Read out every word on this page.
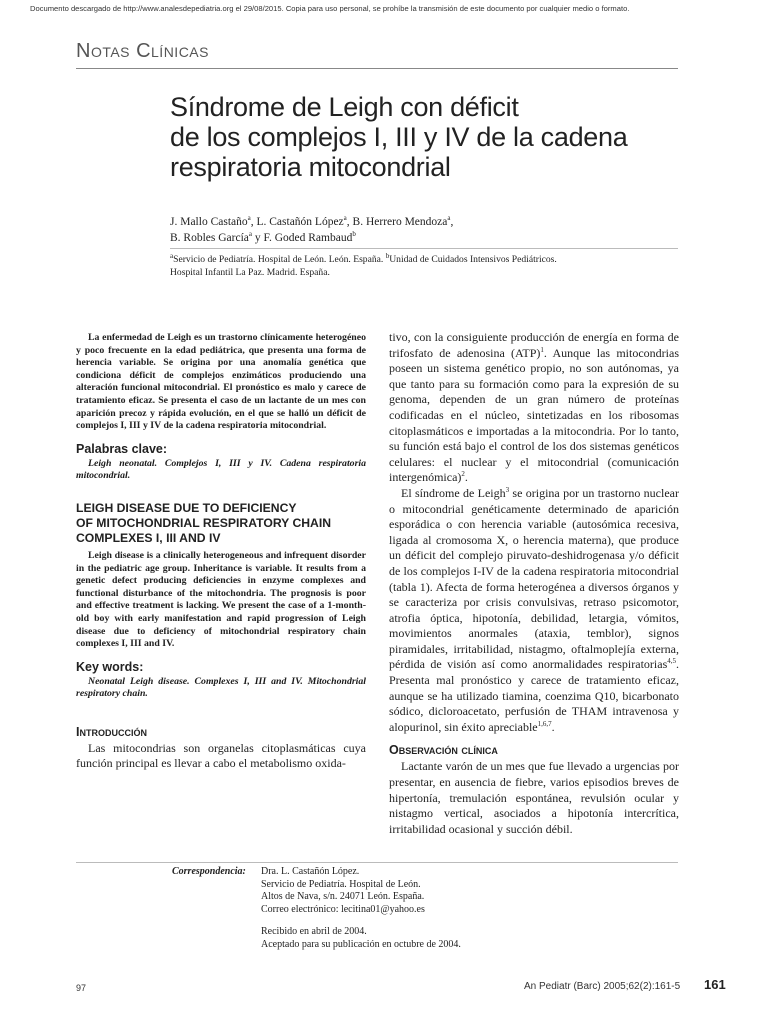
Documento descargado de http://www.analesdepediatria.org el 29/08/2015. Copia para uso personal, se prohíbe la transmisión de este documento por cualquier medio o formato.
Notas Clínicas
Síndrome de Leigh con déficit
de los complejos I, III y IV de la cadena
respiratoria mitocondrial
J. Mallo Castaño$^a$, L. Castañón López$^a$, B. Herrero Mendoza$^a$,
B. Robles García$^a$ y F. Goded Rambaud$^b$
$^a$Servicio de Pediatría. Hospital de León. León. España. $^b$Unidad de Cuidados Intensivos Pediátricos.
Hospital Infantil La Paz. Madrid. España.

La enfermedad de Leigh es un trastorno clínicamente heterogéneo y poco frecuente en la edad pediátrica, que presenta una forma de herencia variable. Se origina por una anomalía genética que condiciona déficit de complejos enzimáticos produciendo una alteración funcional mitocondrial. El pronóstico es malo y carece de tratamiento eficaz. Se presenta el caso de un lactante de un mes con aparición precoz y rápida evolución, en el que se halló un déficit de complejos I, III y IV de la cadena respiratoria mitocondrial.

Palabras clave:

Leigh neonatal. Complejos I, III y IV. Cadena respiratoria mitocondrial.

LEIGH DISEASE DUE TO DEFICIENCY
OF MITOCHONDRIAL RESPIRATORY CHAIN
COMPLEXES I, III AND IV

Leigh disease is a clinically heterogeneous and infrequent disorder in the pediatric age group. Inheritance is variable. It results from a genetic defect producing deficiencies in enzyme complexes and functional disturbance of the mitochondria. The prognosis is poor and effective treatment is lacking. We present the case of a 1-month-old boy with early manifestation and rapid progression of Leigh disease due to deficiency of mitochondrial respiratory chain complexes I, III and IV.

Key words:

Neonatal Leigh disease. Complexes I, III and IV. Mitochondrial respiratory chain.

Introducción

Las mitocondrias son organelas citoplasmáticas cuya función principal es llevar a cabo el metabolismo oxida-

tivo, con la consiguiente producción de energía en forma de trifosfato de adenosina (ATP)$^1$. Aunque las mitocondrias poseen un sistema genético propio, no son autónomas, ya que tanto para su formación como para la expresión de su genoma, dependen de un gran número de proteínas codificadas en el núcleo, sintetizadas en los ribosomas citoplasmáticos e importadas a la mitocondria. Por lo tanto, su función está bajo el control de los dos sistemas genéticos celulares: el nuclear y el mitocondrial (comunicación intergenómica)$^2$.

El síndrome de Leigh$^3$ se origina por un trastorno nuclear o mitocondrial genéticamente determinado de aparición esporádica o con herencia variable (autosómica recesiva, ligada al cromosoma X, o herencia materna), que produce un déficit del complejo piruvato-deshidrogenasa y/o déficit de los complejos I-IV de la cadena respiratoria mitocondrial (tabla 1). Afecta de forma heterogénea a diversos órganos y se caracteriza por crisis convulsivas, retraso psicomotor, atrofia óptica, hipotonía, debilidad, letargia, vómitos, movimientos anormales (ataxia, temblor), signos piramidales, irritabilidad, nistagmo, oftalmoplejía externa, pérdida de visión así como anormalidades respiratorias$^{4,5}$. Presenta mal pronóstico y carece de tratamiento eficaz, aunque se ha utilizado tiamina, coenzima Q10, bicarbonato sódico, dicloroacetato, perfusión de THAM intravenosa y alopurinol, sin éxito apreciable$^{1,6,7}$.

Observación clínica

Lactante varón de un mes que fue llevado a urgencias por presentar, en ausencia de fiebre, varios episodios breves de hipertonía, tremulación espontánea, revulsión ocular y nistagmo vertical, asociados a hipotonía intercrítica, irritabilidad ocasional y succión débil.

Correspondencia: Dra. L. Castañón López.
Servicio de Pediatría. Hospital de León.
Altos de Nava, s/n. 24071 León. España.
Correo electrónico: lecitina01@yahoo.es
Recibido en abril de 2004.
Aceptado para su publicación en octubre de 2004.
97	An Pediatr (Barc) 2005;62(2):161-5 161
